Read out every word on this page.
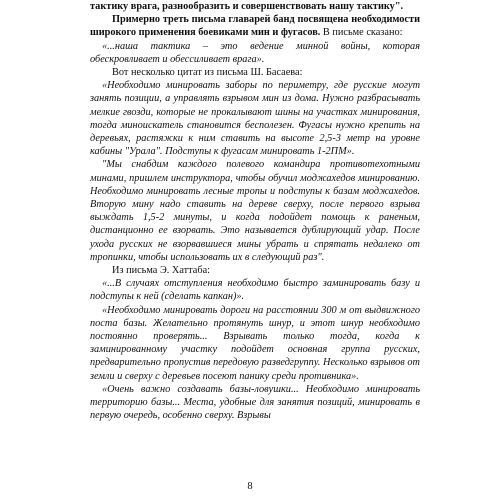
тактику врага, разнообразить и совершенствовать нашу тактику".

Примерно треть письма главарей банд посвящена необходимости широкого применения боевиками мин и фугасов. В письме сказано:

«...наша тактика – это ведение минной войны, которая обескровливает и обессиливает врага».

Вот несколько цитат из письма Ш. Басаева:

«Необходимо минировать заборы по периметру, где русские могут занять позиции, а управлять взрывом мин из дома. Нужно разбрасывать мелкие гвозди, которые не прокалывают шины на участках минирования, тогда миноискатель становится бесполезен. Фугасы нужно крепить на деревьях, растяжки к ним ставить на высоте 2,5-3 метр на уровне кабины "Урала". Подступы к фугасам минировать 1-2ПМ».

"Мы снабдим каждого полевого командира противотехотными минами, пришлем инструктора, чтобы обучил моджахедов минированию. Необходимо минировать лесные тропы и подступы к базам моджахедов. Вторую мину надо ставить на дереве сверху, после первого взрыва выждать 1,5-2 минуты, и когда подойдет помощь к раненым, дистанционно ее взорвать. Это называется дублирующий удар. После ухода русских не взорвавшиеся мины убрать и спрятать недалеко от тропинки, чтобы использовать их в следующий раз".

Из письма Э. Хаттаба:

«...В случаях отступления необходимо быстро заминировать базу и подступы к ней (сделать капкан)».

«Необходимо минировать дороги на расстоянии 300 м от выдвижного поста базы. Желательно протянуть шнур, и этот шнур необходимо постоянно проверять... Взрывать только тогда, когда к заминированному участку подойдет основная группа русских, предварительно пропустив передовую разведгруппу. Несколько взрывов от земли и сверху с деревьев посеют панику среди противника».

«Очень важно создавать базы-ловушки... Необходимо минировать территорию базы... Места, удобные для занятия позиций, минировать в первую очередь, особенно сверху. Взрывы

8
